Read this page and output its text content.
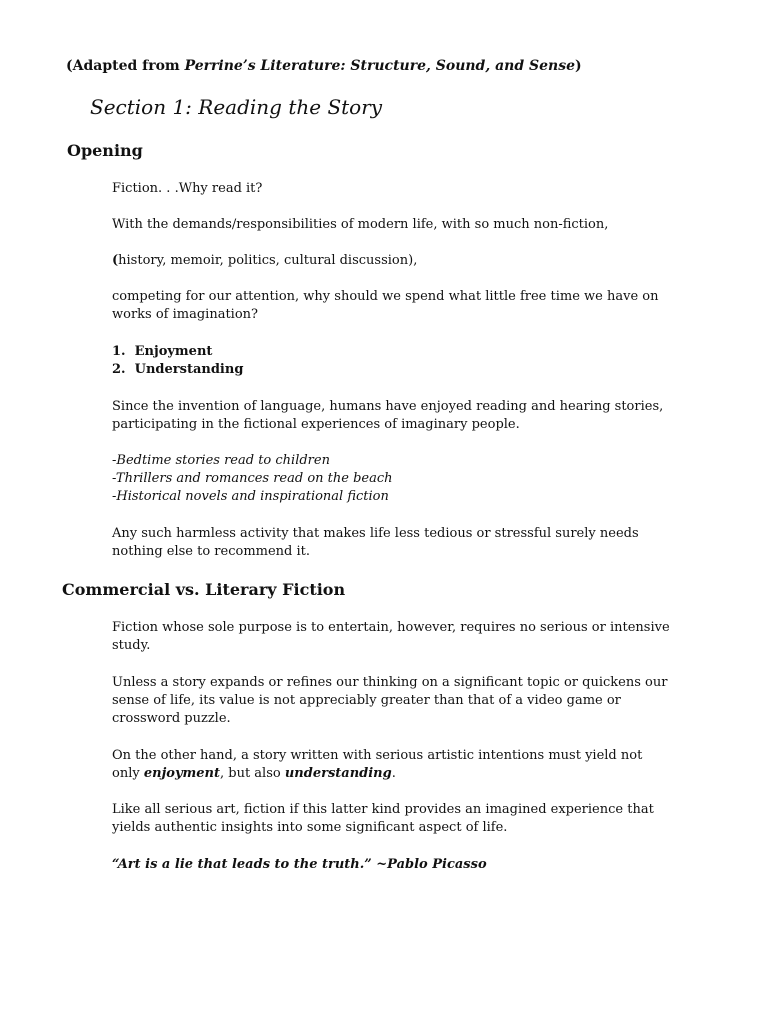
(Adapted from Perrine’s Literature: Structure, Sound, and Sense)
Section 1: Reading the Story
Opening
Fiction. . .Why read it?
With the demands/responsibilities of modern life, with so much non-fiction,
(history, memoir, politics, cultural discussion),
competing for our attention, why should we spend what little free time we have on
works of imagination?
1. Enjoyment
2. Understanding
Since the invention of language, humans have enjoyed reading and hearing stories,
participating in the fictional experiences of imaginary people.
-Bedtime stories read to children
-Thrillers and romances read on the beach
-Historical novels and inspirational fiction
Any such harmless activity that makes life less tedious or stressful surely needs
nothing else to recommend it.
Commercial vs. Literary Fiction
Fiction whose sole purpose is to entertain, however, requires no serious or intensive
study.
Unless a story expands or refines our thinking on a significant topic or quickens our
sense of life, its value is not appreciably greater than that of a video game or
crossword puzzle.
On the other hand, a story written with serious artistic intentions must yield not
only enjoyment, but also understanding.
Like all serious art, fiction if this latter kind provides an imagined experience that
yields authentic insights into some significant aspect of life.
“Art is a lie that leads to the truth.” ~Pablo Picasso
